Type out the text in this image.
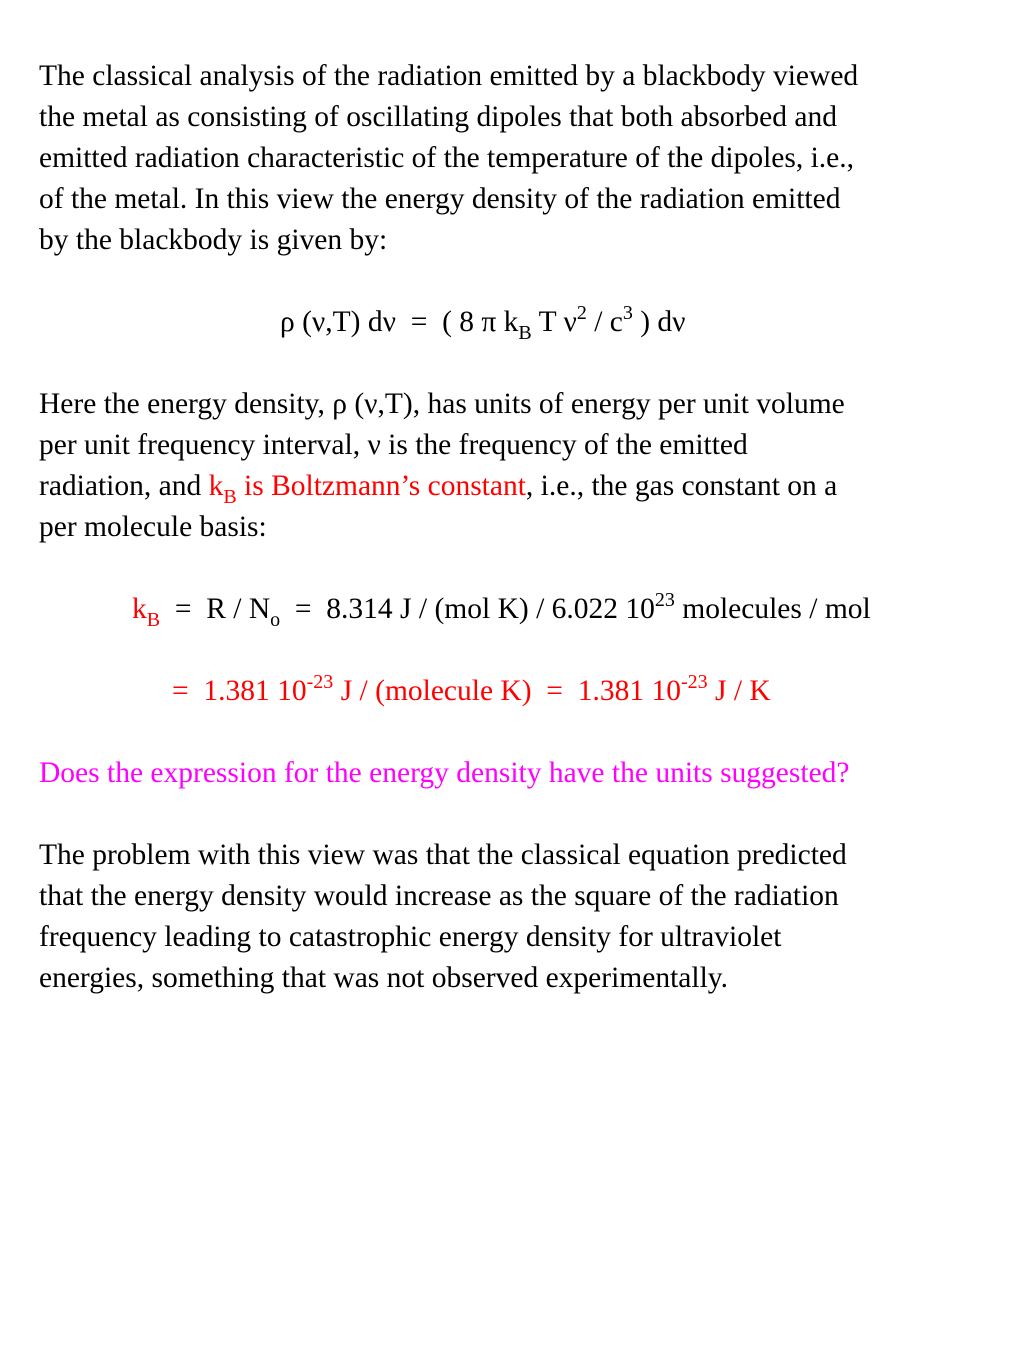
The classical analysis of the radiation emitted by a blackbody viewed
the metal as consisting of oscillating dipoles that both absorbed and
emitted radiation characteristic of the temperature of the dipoles, i.e.,
of the metal. In this view the energy density of the radiation emitted
by the blackbody is given by:

ρ (ν,T) dν  =  ( 8 π $k_B$ T $\nu^2 / c^3$ ) dν

Here the energy density, ρ (ν,T), has units of energy per unit volume
per unit frequency interval, ν is the frequency of the emitted
radiation, and $k_B$ is Boltzmann’s constant, i.e., the gas constant on a
per molecule basis:

$k_B = R / N_o = 8.314$ J / (mol K) / 6.022 $10^{23}$ molecules / mol
=  1.381 $10^{-23}$ J / (molecule K)  =  1.381 $10^{-23}$ J / K
Does the expression for the energy density have the units suggested?

The problem with this view was that the classical equation predicted
that the energy density would increase as the square of the radiation
frequency leading to catastrophic energy density for ultraviolet
energies, something that was not observed experimentally.
